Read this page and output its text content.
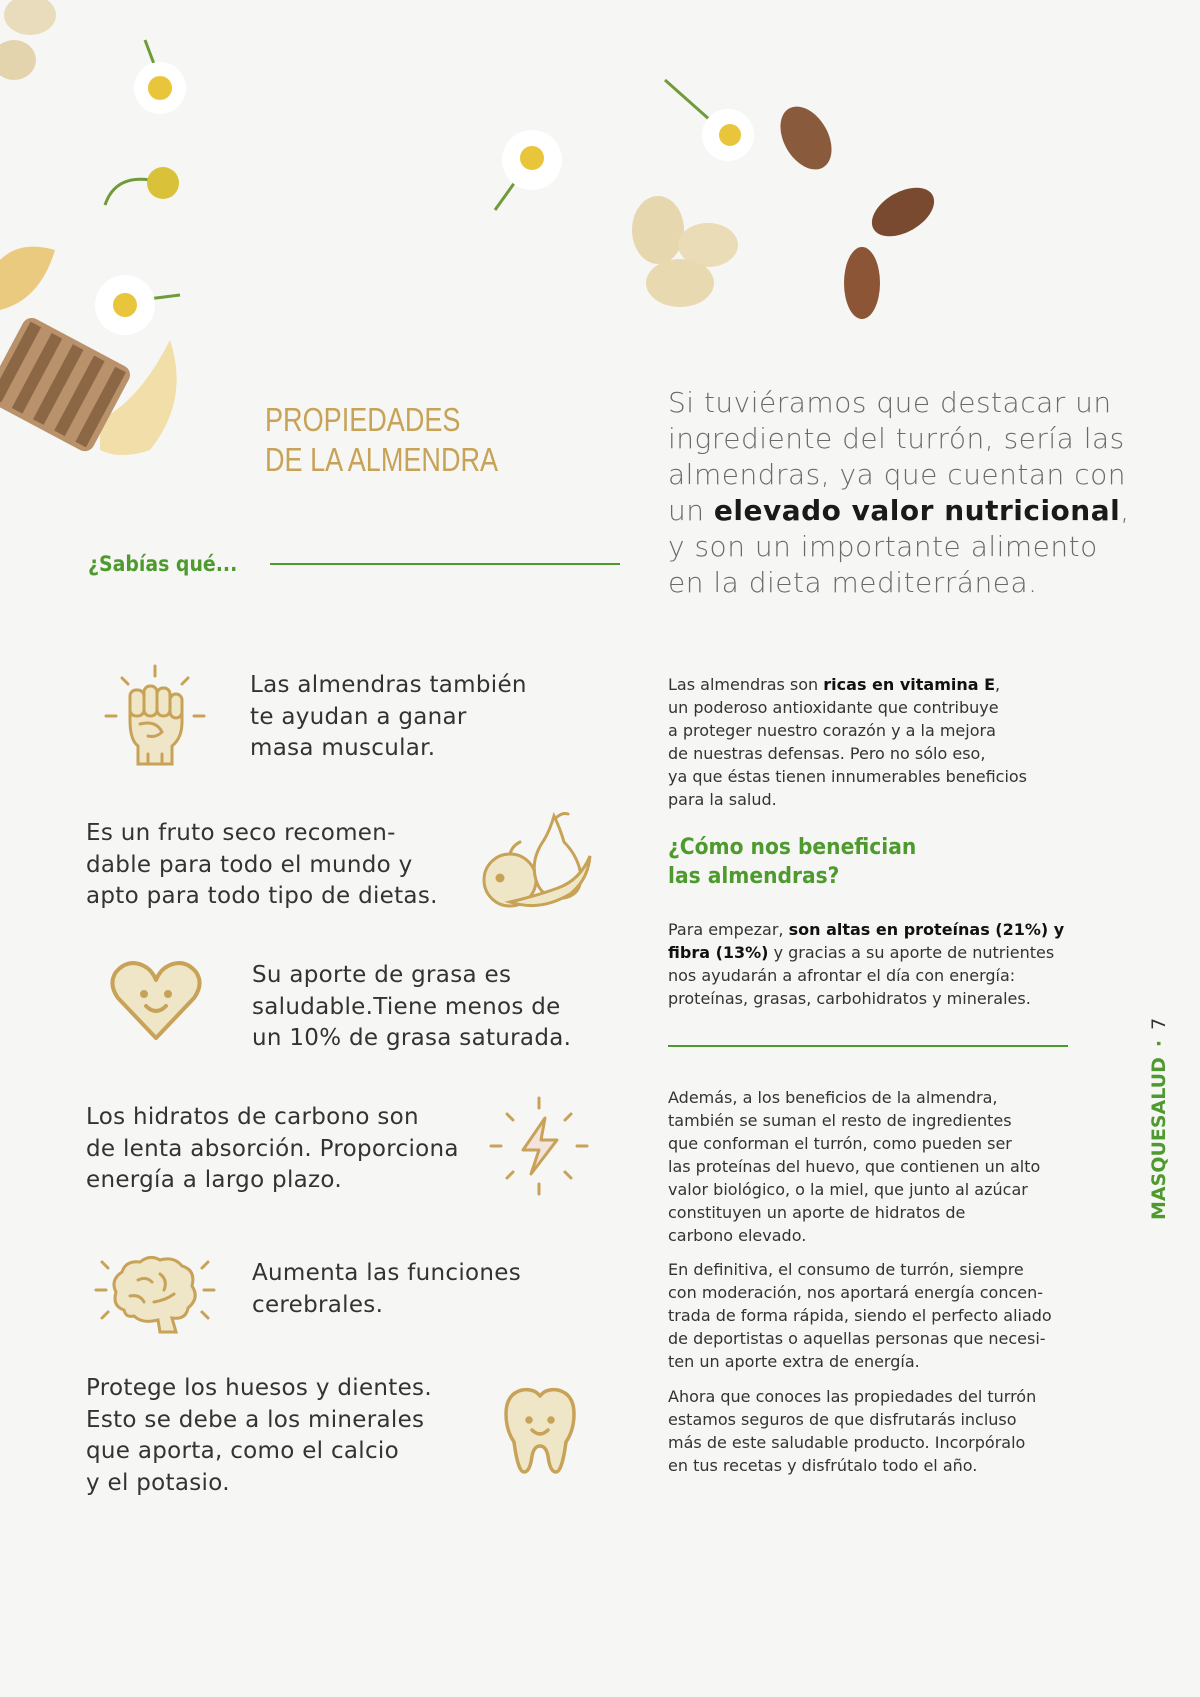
PROPIEDADES
DE LA ALMENDRA
¿Sabías qué...
Si tuviéramos que destacar un ingrediente del turrón, sería las almendras, ya que cuentan con un elevado valor nutricional, y son un importante alimento en la dieta mediterránea.
Las almendras también
te ayudan a ganar
masa muscular.
Es un fruto seco recomen-
dable para todo el mundo y
apto para todo tipo de dietas.
Su aporte de grasa es
saludable.Tiene menos de
un 10% de grasa saturada.
Los hidratos de carbono son
de lenta absorción. Proporciona
energía a largo plazo.
Aumenta las funciones
cerebrales.
Protege los huesos y dientes.
Esto se debe a los minerales
que aporta, como el calcio
y el potasio.
Las almendras son ricas en vitamina E,
un poderoso antioxidante que contribuye
a proteger nuestro corazón y a la mejora
de nuestras defensas. Pero no sólo eso,
ya que éstas tienen innumerables beneficios
para la salud.
¿Cómo nos benefician
las almendras?
Para empezar, son altas en proteínas (21%) y
fibra (13%) y gracias a su aporte de nutrientes
nos ayudarán a afrontar el día con energía:
proteínas, grasas, carbohidratos y minerales.
Además, a los beneficios de la almendra,
también se suman el resto de ingredientes
que conforman el turrón, como pueden ser
las proteínas del huevo, que contienen un alto
valor biológico, o la miel, que junto al azúcar
constituyen un aporte de hidratos de
carbono elevado.
En definitiva, el consumo de turrón, siempre
con moderación, nos aportará energía concen-
trada de forma rápida, siendo el perfecto aliado
de deportistas o aquellas personas que necesi-
ten un aporte extra de energía.
Ahora que conoces las propiedades del turrón
estamos seguros de que disfrutarás incluso
más de este saludable producto. Incorpóralo
en tus recetas y disfrútalo todo el año.
MASQUESALUD·7
